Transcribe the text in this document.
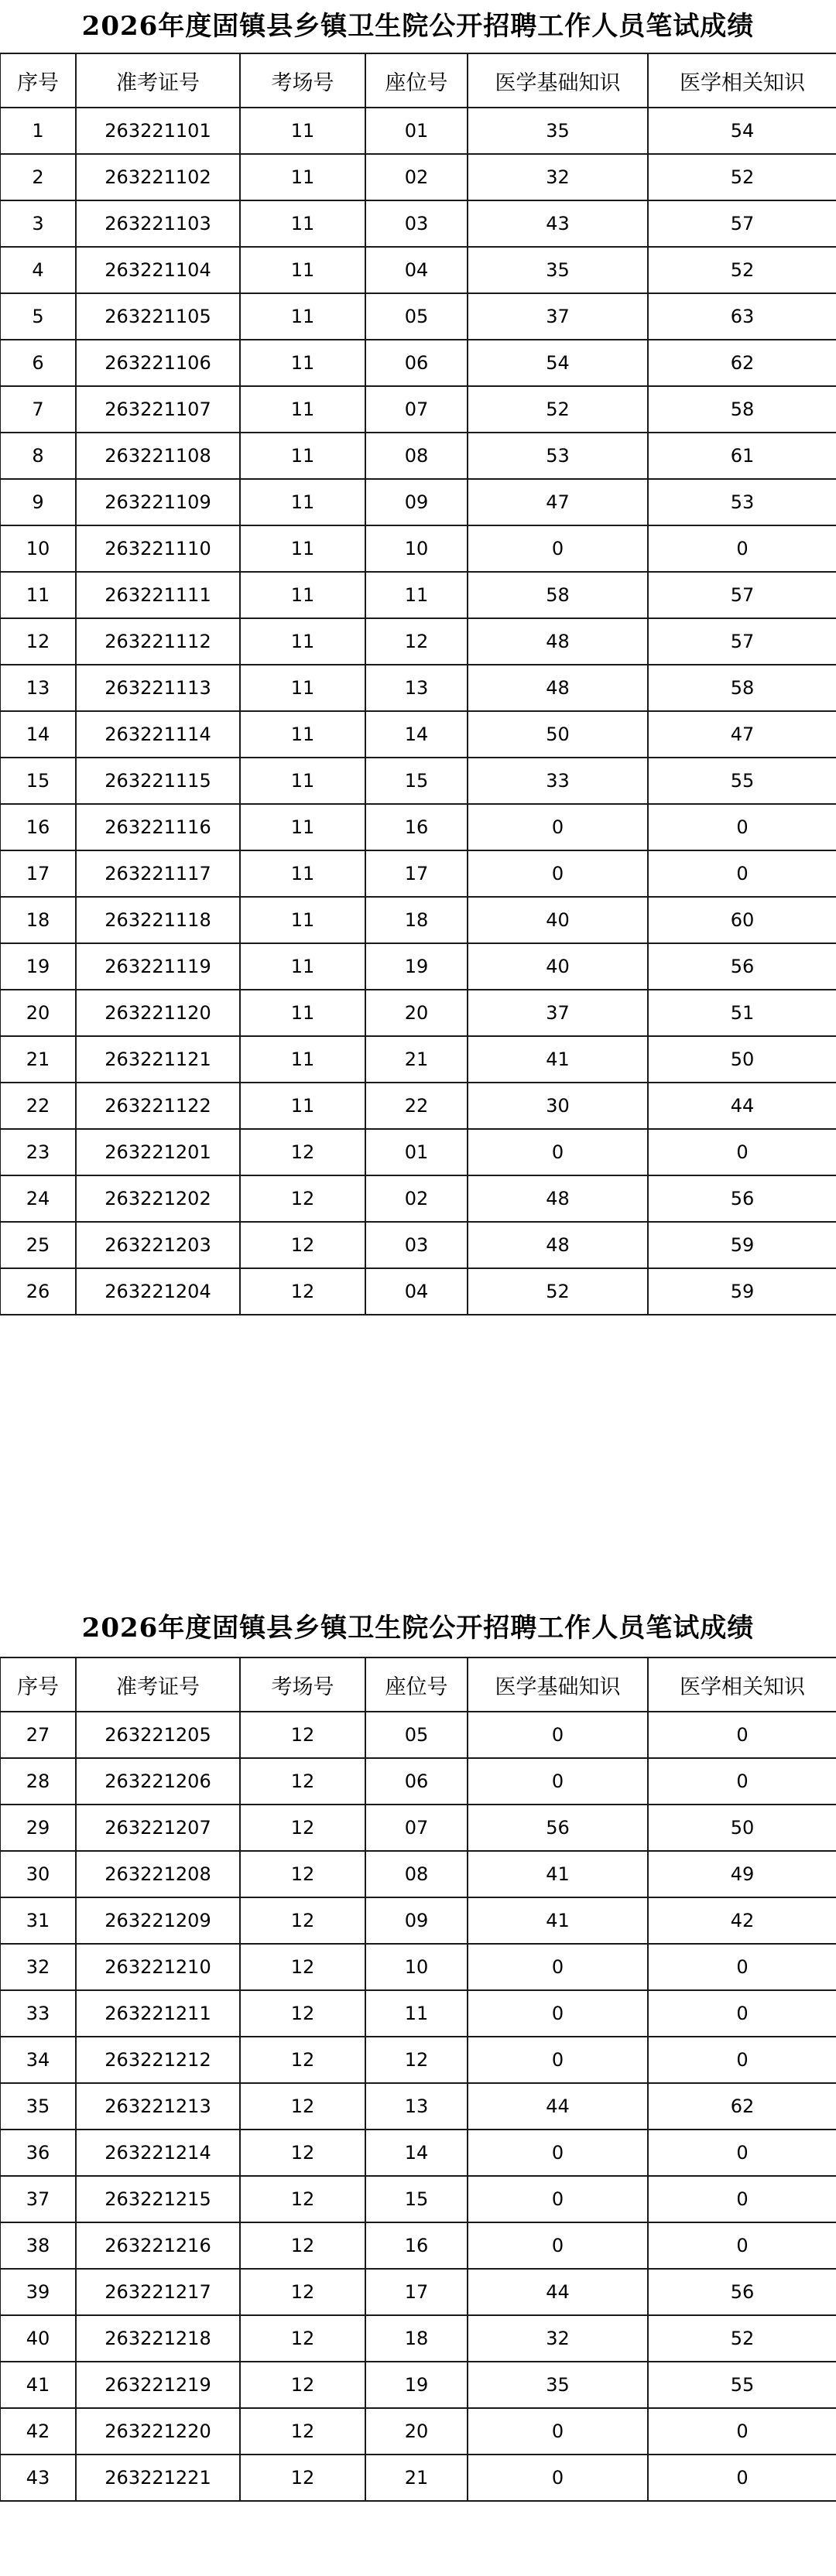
2026年度固镇县乡镇卫生院公开招聘工作人员笔试成绩
序号	准考证号	考场号	座位号	医学基础知识	医学相关知识
1	263221101	11	01	35	54
2	263221102	11	02	32	52
3	263221103	11	03	43	57
4	263221104	11	04	35	52
5	263221105	11	05	37	63
6	263221106	11	06	54	62
7	263221107	11	07	52	58
8	263221108	11	08	53	61
9	263221109	11	09	47	53
10	263221110	11	10	0	0
11	263221111	11	11	58	57
12	263221112	11	12	48	57
13	263221113	11	13	48	58
14	263221114	11	14	50	47
15	263221115	11	15	33	55
16	263221116	11	16	0	0
17	263221117	11	17	0	0
18	263221118	11	18	40	60
19	263221119	11	19	40	56
20	263221120	11	20	37	51
21	263221121	11	21	41	50
22	263221122	11	22	30	44
23	263221201	12	01	0	0
24	263221202	12	02	48	56
25	263221203	12	03	48	59
26	263221204	12	04	52	59
2026年度固镇县乡镇卫生院公开招聘工作人员笔试成绩
序号	准考证号	考场号	座位号	医学基础知识	医学相关知识
27	263221205	12	05	0	0
28	263221206	12	06	0	0
29	263221207	12	07	56	50
30	263221208	12	08	41	49
31	263221209	12	09	41	42
32	263221210	12	10	0	0
33	263221211	12	11	0	0
34	263221212	12	12	0	0
35	263221213	12	13	44	62
36	263221214	12	14	0	0
37	263221215	12	15	0	0
38	263221216	12	16	0	0
39	263221217	12	17	44	56
40	263221218	12	18	32	52
41	263221219	12	19	35	55
42	263221220	12	20	0	0
43	263221221	12	21	0	0
